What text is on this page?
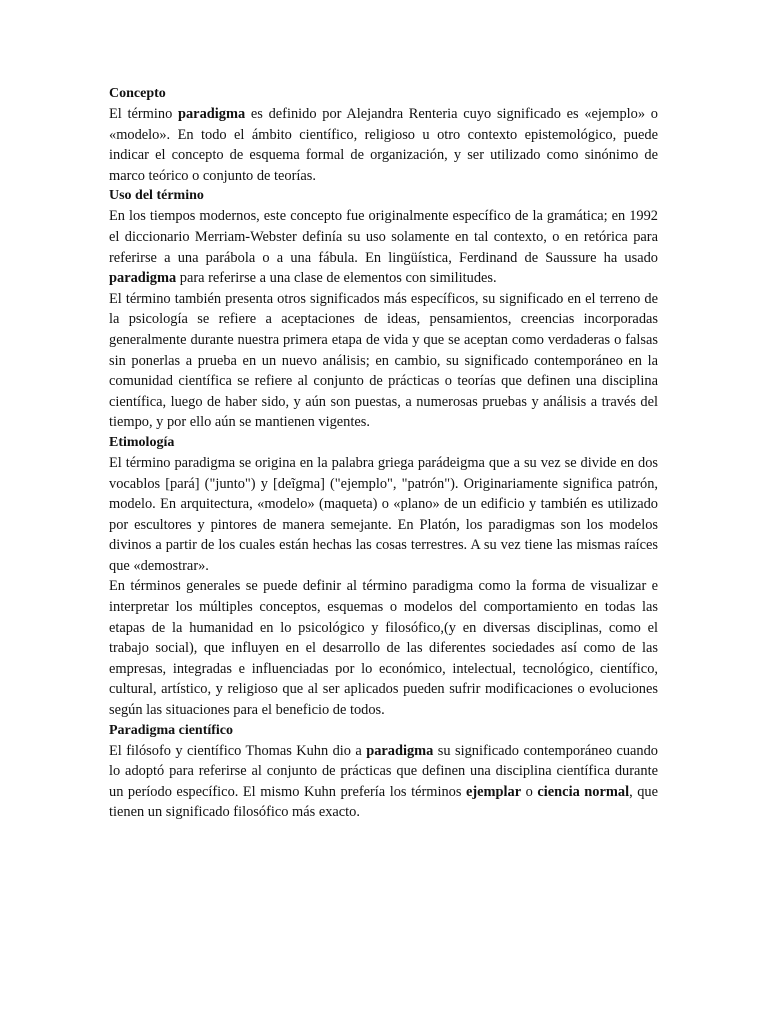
Concepto

El término paradigma es definido por Alejandra Renteria cuyo significado es «ejemplo» o «modelo». En todo el ámbito científico, religioso u otro contexto epistemológico, puede indicar el concepto de esquema formal de organización, y ser utilizado como sinónimo de marco teórico o conjunto de teorías.

Uso del término

En los tiempos modernos, este concepto fue originalmente específico de la gramática; en 1992 el diccionario Merriam-Webster definía su uso solamente en tal contexto, o en retórica para referirse a una parábola o a una fábula. En lingüística, Ferdinand de Saussure ha usado paradigma para referirse a una clase de elementos con similitudes.

El término también presenta otros significados más específicos, su significado en el terreno de la psicología se refiere a aceptaciones de ideas, pensamientos, creencias incorporadas generalmente durante nuestra primera etapa de vida y que se aceptan como verdaderas o falsas sin ponerlas a prueba en un nuevo análisis; en cambio, su significado contemporáneo en la comunidad científica se refiere al conjunto de prácticas o teorías que definen una disciplina científica, luego de haber sido, y aún son puestas, a numerosas pruebas y análisis a través del tiempo, y por ello aún se mantienen vigentes.

Etimología

El término paradigma se origina en la palabra griega parádeigma que a su vez se divide en dos vocablos [pará] ("junto") y [deĩgma] ("ejemplo", "patrón"). Originariamente significa patrón, modelo. En arquitectura, «modelo» (maqueta) o «plano» de un edificio y también es utilizado por escultores y pintores de manera semejante. En Platón, los paradigmas son los modelos divinos a partir de los cuales están hechas las cosas terrestres. A su vez tiene las mismas raíces que «demostrar».

En términos generales se puede definir al término paradigma como la forma de visualizar e interpretar los múltiples conceptos, esquemas o modelos del comportamiento en todas las etapas de la humanidad en lo psicológico y filosófico,(y en diversas disciplinas, como el trabajo social), que influyen en el desarrollo de las diferentes sociedades así como de las empresas, integradas e influenciadas por lo económico, intelectual, tecnológico, científico, cultural, artístico, y religioso que al ser aplicados pueden sufrir modificaciones o evoluciones según las situaciones para el beneficio de todos.

Paradigma científico

El filósofo y científico Thomas Kuhn dio a paradigma su significado contemporáneo cuando lo adoptó para referirse al conjunto de prácticas que definen una disciplina científica durante un período específico. El mismo Kuhn prefería los términos ejemplar o ciencia normal, que tienen un significado filosófico más exacto.
